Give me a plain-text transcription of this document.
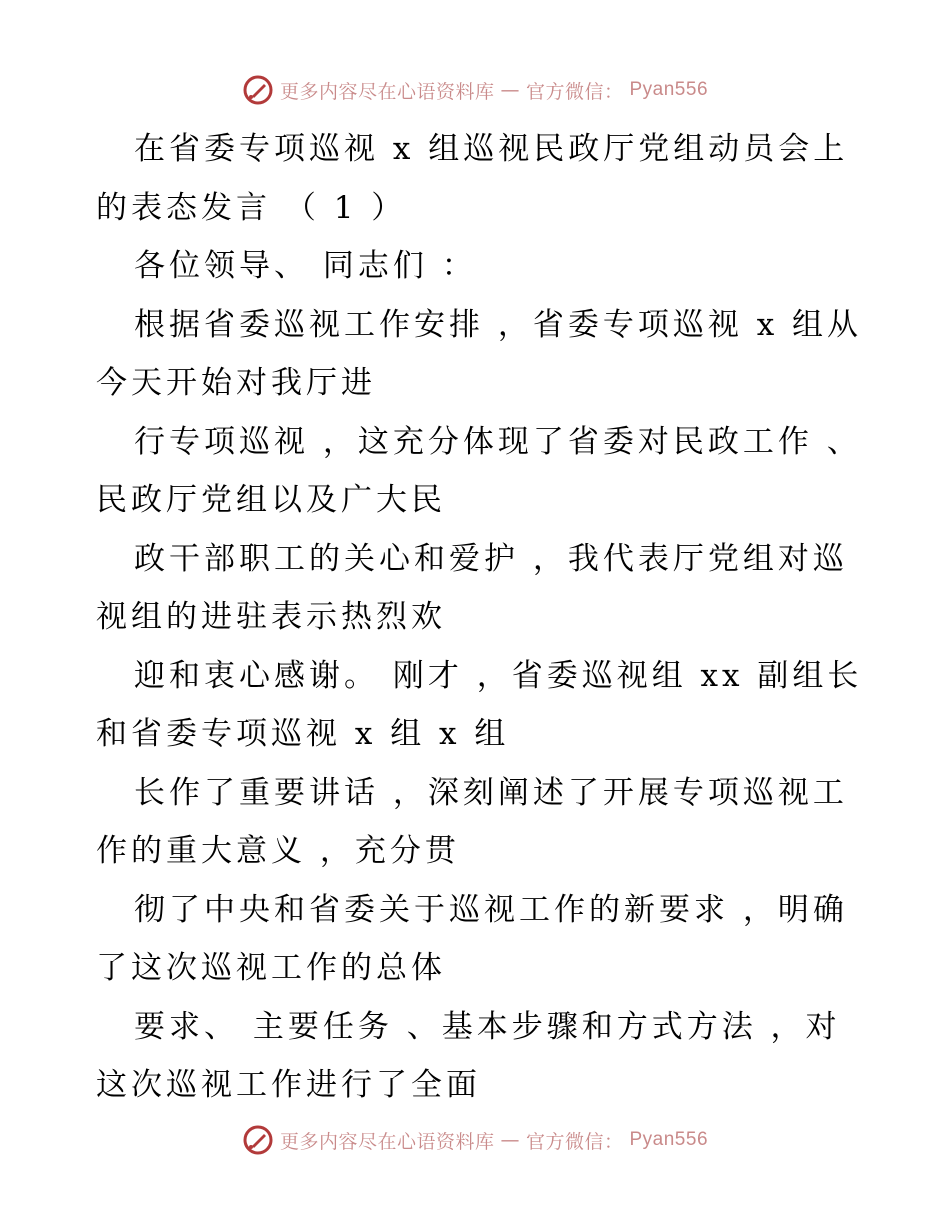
更多内容尽在心语资料库 — 官方微信： Pyan556
在省委专项巡视 x 组巡视民政厅党组动员会上
的表态发言 （ 1 ）
各位领导、 同志们 ：
根据省委巡视工作安排 ，省委专项巡视 x 组从
今天开始对我厅进
行专项巡视 ，这充分体现了省委对民政工作 、
民政厅党组以及广大民
政干部职工的关心和爱护 ，我代表厅党组对巡
视组的进驻表示热烈欢
迎和衷心感谢。 刚才 ，省委巡视组 xx 副组长
和省委专项巡视 x 组 x 组
长作了重要讲话 ，深刻阐述了开展专项巡视工
作的重大意义 ，充分贯
彻了中央和省委关于巡视工作的新要求 ，明确
了这次巡视工作的总体
要求、 主要任务 、基本步骤和方式方法 ，对
这次巡视工作进行了全面
更多内容尽在心语资料库 — 官方微信： Pyan556
